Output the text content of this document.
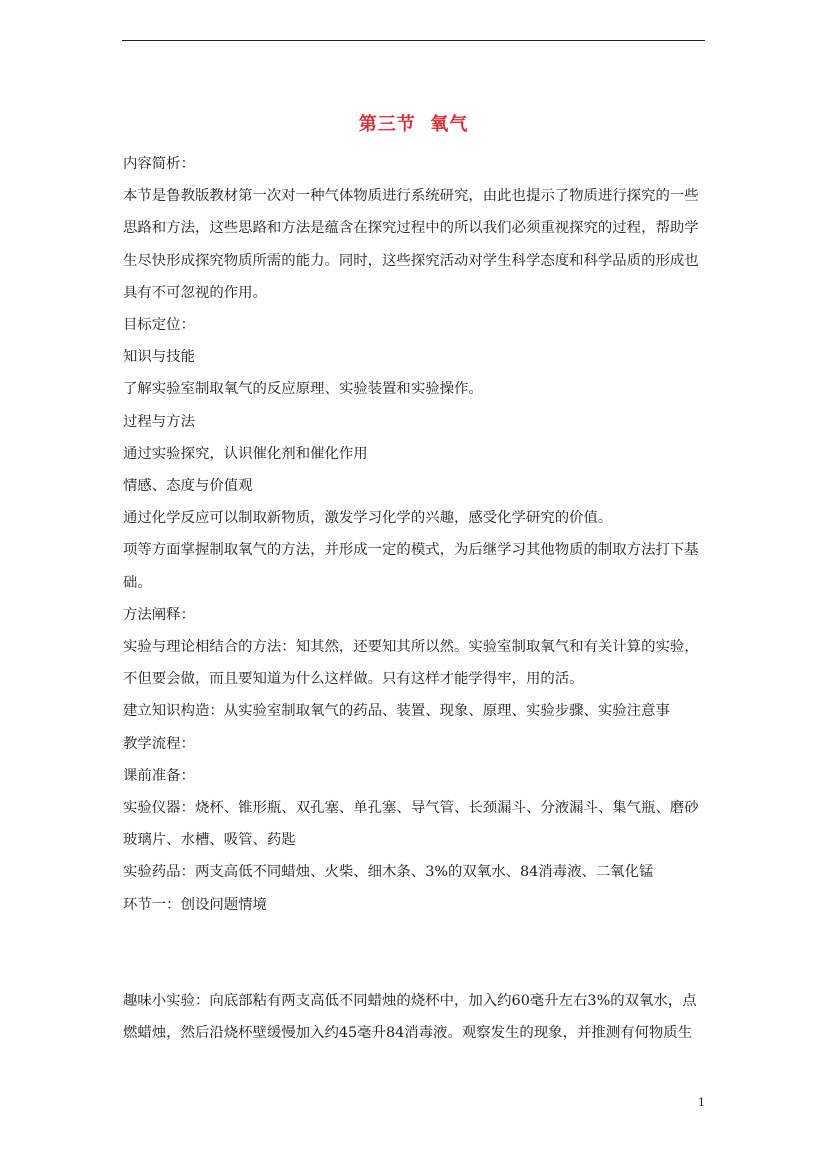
第三节  氧气

内容简析：

本节是鲁教版教材第一次对一种气体物质进行系统研究，由此也提示了物质进行探究的一些思路和方法，这些思路和方法是蕴含在探究过程中的所以我们必须重视探究的过程，帮助学生尽快形成探究物质所需的能力。同时，这些探究活动对学生科学态度和科学品质的形成也具有不可忽视的作用。

目标定位：

知识与技能

了解实验室制取氧气的反应原理、实验装置和实验操作。

过程与方法

通过实验探究，认识催化剂和催化作用

情感、态度与价值观

通过化学反应可以制取新物质，激发学习化学的兴趣，感受化学研究的价值。

项等方面掌握制取氧气的方法，并形成一定的模式，为后继学习其他物质的制取方法打下基础。

方法阐释：

实验与理论相结合的方法：知其然，还要知其所以然。实验室制取氧气和有关计算的实验，不但要会做，而且要知道为什么这样做。只有这样才能学得牢，用的活。

建立知识构造：从实验室制取氧气的药品、装置、现象、原理、实验步骤、实验注意事

教学流程：

课前准备：

实验仪器：烧杯、锥形瓶、双孔塞、单孔塞、导气管、长颈漏斗、分液漏斗、集气瓶、磨砂玻璃片、水槽、吸管、药匙

实验药品：两支高低不同蜡烛、火柴、细木条、3%的双氧水、84消毒液、二氧化锰

环节一：创设问题情境

趣味小实验：向底部粘有两支高低不同蜡烛的烧杯中，加入约60毫升左右3%的双氧水，点燃蜡烛，然后沿烧杯壁缓慢加入约45毫升84消毒液。观察发生的现象，并推测有何物质生

1
